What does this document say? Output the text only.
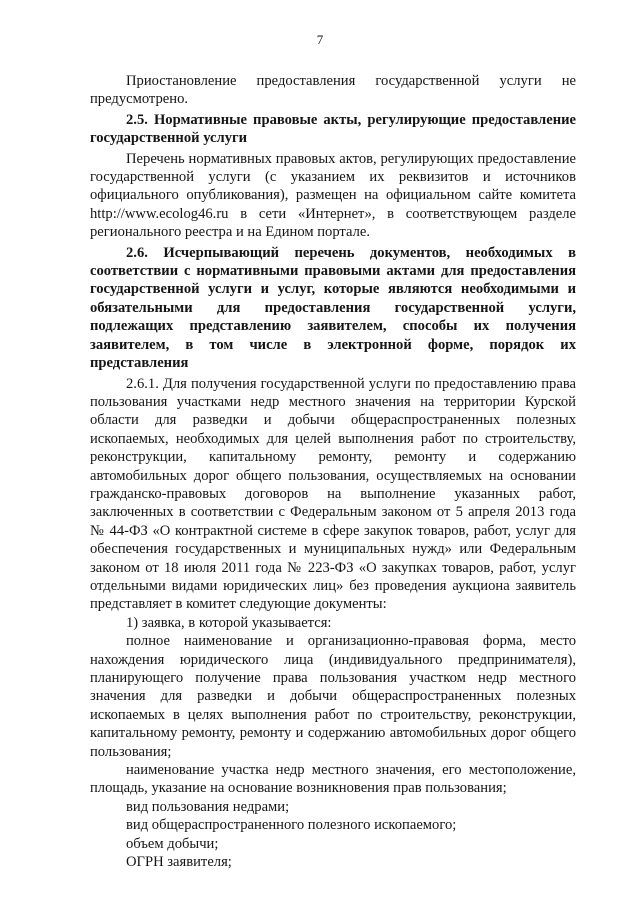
7

Приостановление предоставления государственной услуги не предусмотрено.

2.5. Нормативные правовые акты, регулирующие предоставление государственной услуги

Перечень нормативных правовых актов, регулирующих предоставление государственной услуги (с указанием их реквизитов и источников официального опубликования), размещен на официальном сайте комитета http://www.ecolog46.ru в сети «Интернет», в соответствующем разделе регионального реестра и на Едином портале.

2.6. Исчерпывающий перечень документов, необходимых в соответствии с нормативными правовыми актами для предоставления государственной услуги и услуг, которые являются необходимыми и обязательными для предоставления государственной услуги, подлежащих представлению заявителем, способы их получения заявителем, в том числе в электронной форме, порядок их представления

2.6.1. Для получения государственной услуги по предоставлению права пользования участками недр местного значения на территории Курской области для разведки и добычи общераспространенных полезных ископаемых, необходимых для целей выполнения работ по строительству, реконструкции, капитальному ремонту, ремонту и содержанию автомобильных дорог общего пользования, осуществляемых на основании гражданско-правовых договоров на выполнение указанных работ, заключенных в соответствии с Федеральным законом от 5 апреля 2013 года № 44-ФЗ «О контрактной системе в сфере закупок товаров, работ, услуг для обеспечения государственных и муниципальных нужд» или Федеральным законом от 18 июля 2011 года № 223-ФЗ «О закупках товаров, работ, услуг отдельными видами юридических лиц» без проведения аукциона заявитель представляет в комитет следующие документы:

1) заявка, в которой указывается:

полное наименование и организационно-правовая форма, место нахождения юридического лица (индивидуального предпринимателя), планирующего получение права пользования участком недр местного значения для разведки и добычи общераспространенных полезных ископаемых в целях выполнения работ по строительству, реконструкции, капитальному ремонту, ремонту и содержанию автомобильных дорог общего пользования;

наименование участка недр местного значения, его местоположение, площадь, указание на основание возникновения прав пользования;

вид пользования недрами;

вид общераспространенного полезного ископаемого;

объем добычи;

ОГРН заявителя;
